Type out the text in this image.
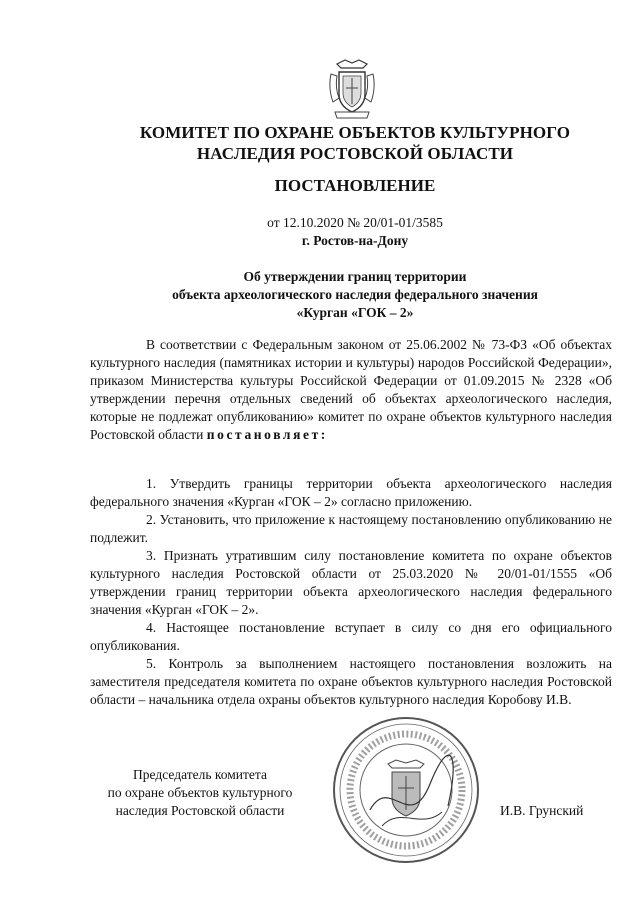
КОМИТЕТ ПО ОХРАНЕ ОБЪЕКТОВ КУЛЬТУРНОГО
НАСЛЕДИЯ РОСТОВСКОЙ ОБЛАСТИ
ПОСТАНОВЛЕНИЕ
от 12.10.2020 № 20/01-01/3585
г. Ростов-на-Дону
Об утверждении границ территории
объекта археологического наследия федерального значения
«Курган «ГОК – 2»

В соответствии с Федеральным законом от 25.06.2002 № 73-ФЗ «Об объектах культурного наследия (памятниках истории и культуры) народов Российской Федерации», приказом Министерства культуры Российской Федерации от 01.09.2015 № 2328 «Об утверждении перечня отдельных сведений об объектах археологического наследия, которые не подлежат опубликованию» комитет по охране объектов культурного наследия Ростовской области постановляет:

1. Утвердить границы территории объекта археологического наследия федерального значения «Курган «ГОК – 2» согласно приложению.

2. Установить, что приложение к настоящему постановлению опубликованию не подлежит.

3. Признать утратившим силу постановление комитета по охране объектов культурного наследия Ростовской области от 25.03.2020 № 20/01-01/1555 «Об утверждении границ территории объекта археологического наследия федерального значения «Курган «ГОК – 2».

4. Настоящее постановление вступает в силу со дня его официального опубликования.

5. Контроль за выполнением настоящего постановления возложить на заместителя председателя комитета по охране объектов культурного наследия Ростовской области – начальника отдела охраны объектов культурного наследия Коробову И.В.

Председатель комитета
по охране объектов культурного
наследия Ростовской области	И.В. Грунский
